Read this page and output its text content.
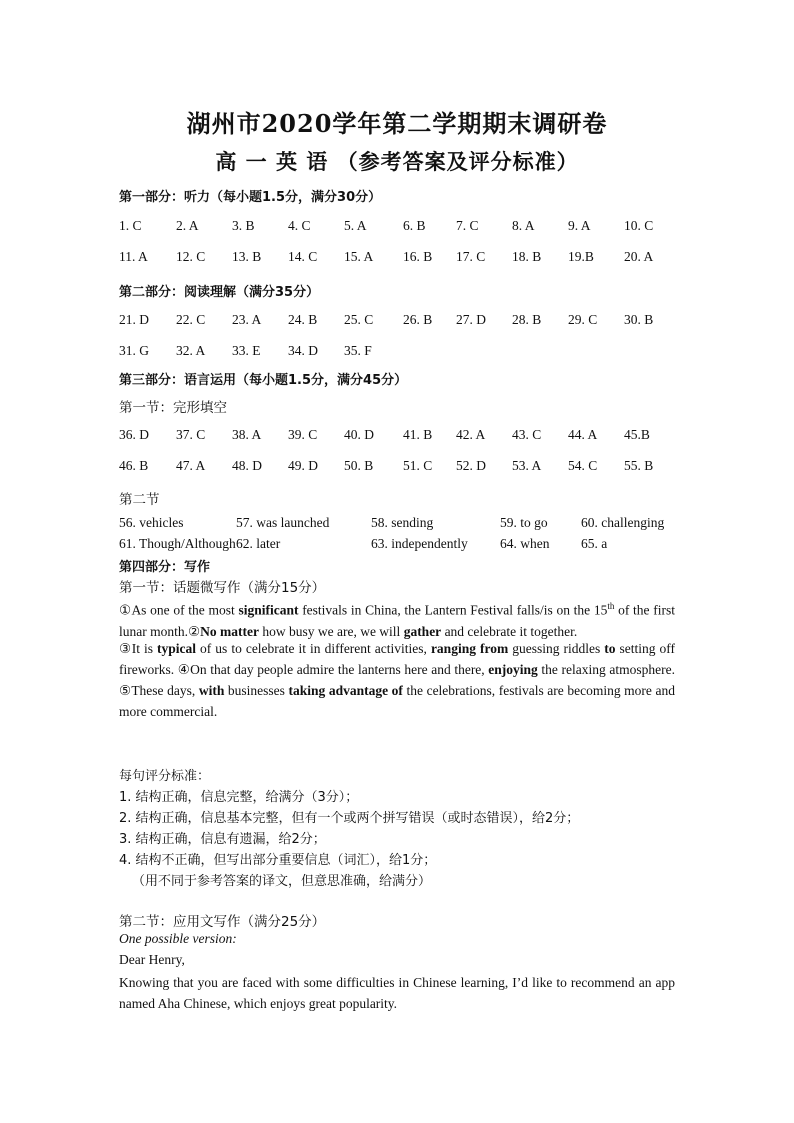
湖州市2020学年第二学期期末调研卷
高 一 英 语 （参考答案及评分标准）
第一部分：听力（每小题1.5分，满分30分）
1. C	2. A 3. B 4. C 5. A	6. B 7. C 8. A 9. A 10. C
11. A 12. C 13. B 14. C 15. A 16. B 17. C 18. B 19.B 20. A
第二部分：阅读理解（满分35分）
21. D 22. C 23. A 24. B 25. C 26. B 27. D 28. B 29. C 30. B
31. G 32. A 33. E 34. D 35. F
第三部分：语言运用（每小题1.5分，满分45分）
第一节：完形填空
36. D 37. C 38. A 39. C 40. D 41. B 42. A 43. C 44. A 45.B
46. B 47. A 48. D 49. D 50. B 51. C 52. D 53. A 54. C 55. B
第二节
56. vehicles	57. was launched	58. sending	59. to go 60. challenging
61. Though/Although 62. later	63. independently 64. when 65. a
第四部分：写作
第一节：话题微写作（满分15分）
①As one of the most significant festivals in China, the Lantern Festival falls/is on the 15th of the first lunar month.②No matter how busy we are, we will gather and celebrate it together.
③It is typical of us to celebrate it in different activities, ranging from guessing riddles to setting off fireworks. ④On that day people admire the lanterns here and there, enjoying the relaxing atmosphere. ⑤These days, with businesses taking advantage of the celebrations, festivals are becoming more and more commercial.
每句评分标准：
1. 结构正确，信息完整，给满分（3分）；
2. 结构正确，信息基本完整，但有一个或两个拼写错误（或时态错误），给2分；
3. 结构正确，信息有遗漏，给2分；
4. 结构不正确，但写出部分重要信息（词汇），给1分；
（用不同于参考答案的译文，但意思准确，给满分）
第二节：应用文写作（满分25分）
One possible version:
Dear Henry,
Knowing that you are faced with some difficulties in Chinese learning, I’d like to recommend an app named Aha Chinese, which enjoys great popularity.
